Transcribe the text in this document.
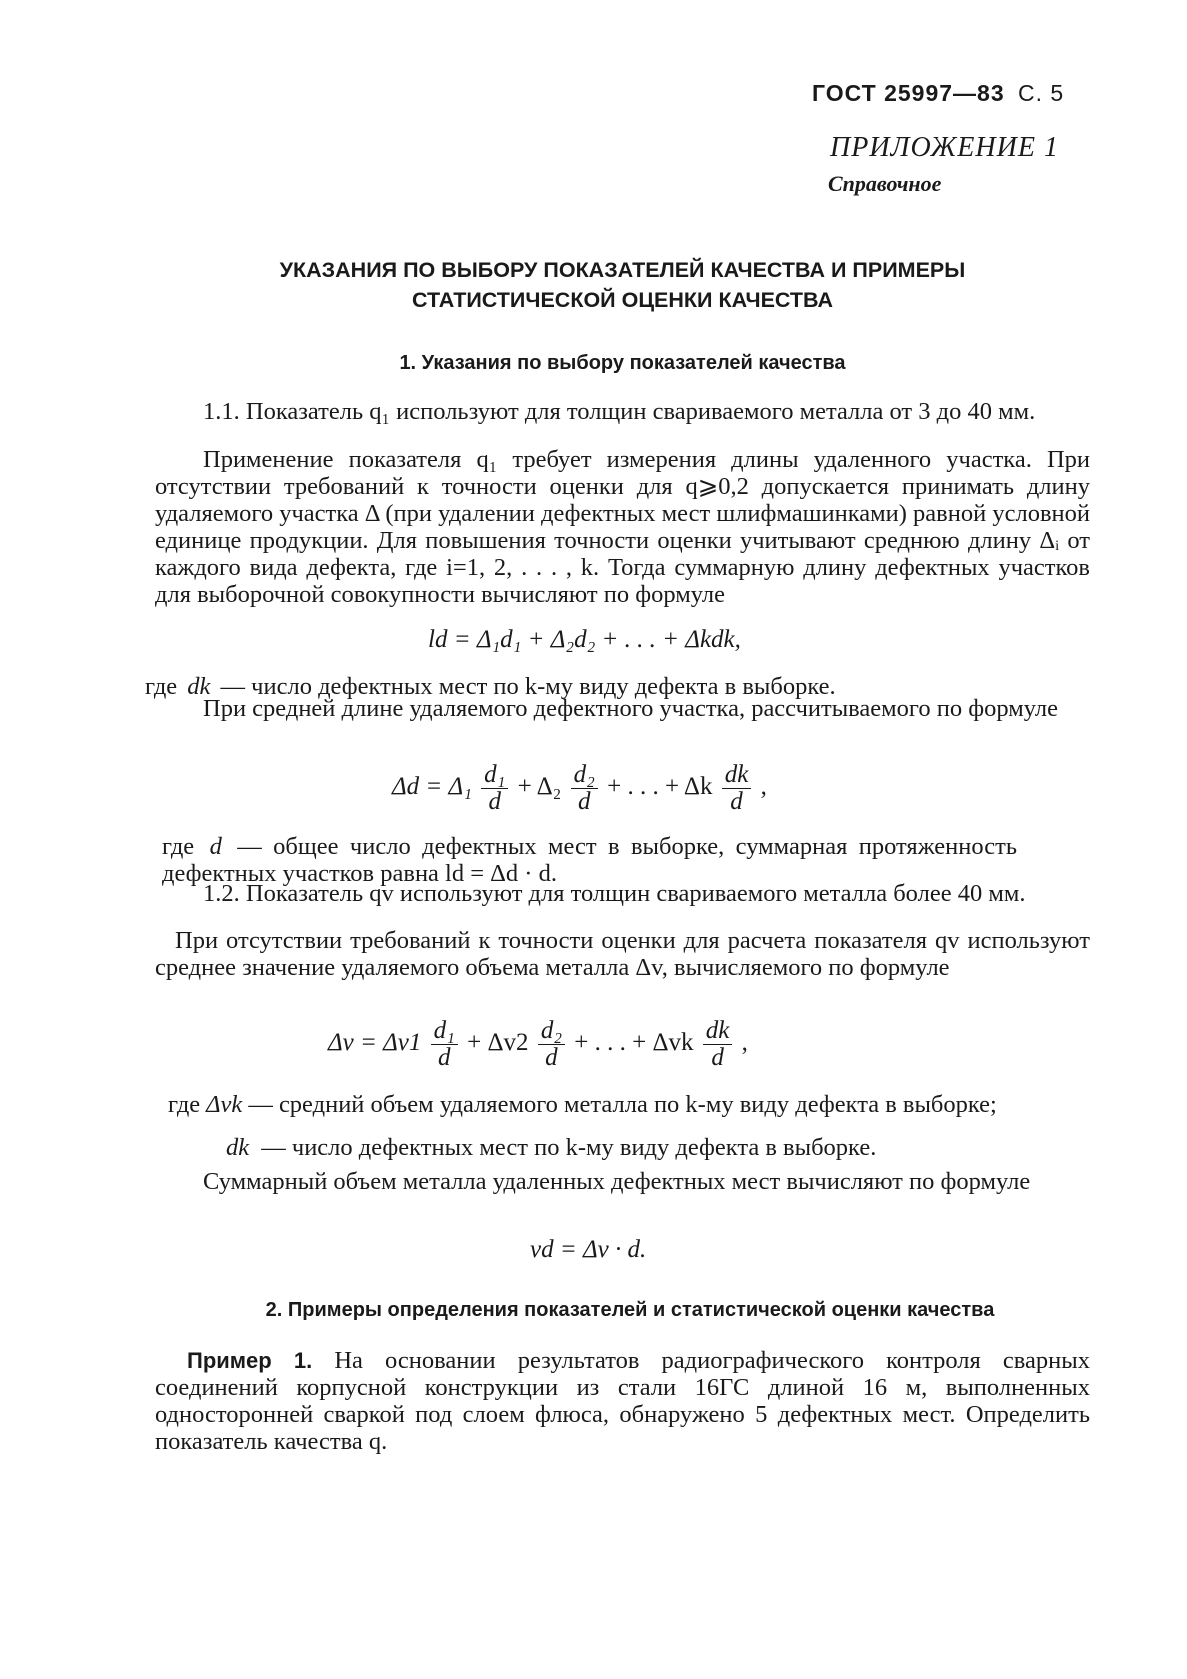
ГОСТ 25997—83 С. 5
ПРИЛОЖЕНИЕ 1
Справочное
УКАЗАНИЯ ПО ВЫБОРУ ПОКАЗАТЕЛЕЙ КАЧЕСТВА И ПРИМЕРЫ
СТАТИСТИЧЕСКОЙ ОЦЕНКИ КАЧЕСТВА
1. Указания по выбору показателей качества
1.1. Показатель q₁ используют для толщин свариваемого металла от 3 до 40 мм.
Применение показателя q₁ требует измерения длины удаленного участка. При отсутствии требований к точности оценки для q⩾0,2 допускается принимать длину удаляемого участка Δ (при удалении дефектных мест шлифмашинками) равной условной единице продукции. Для повышения точности оценки учитывают среднюю длину Δᵢ от каждого вида дефекта, где i=1, 2, . . . , k. Тогда суммарную длину дефектных участков для выборочной совокупности вычисляют по формуле
ld = Δ₁d₁ + Δ₂d₂ + . . . + Δkdk,
где dk — число дефектных мест по k-му виду дефекта в выборке.
При средней длине удаляемого дефектного участка, рассчитываемого по формуле
$\Delta d = \Delta_1 \frac{\text{d₁}}{d} + \Delta_2 \frac{\text{d₂}}{d}$ + . . . + Δk $\frac{dk}{d}$ ,
где d — общее число дефектных мест в выборке, суммарная протяженность дефектных участков равна ld = Δd · d.
1.2. Показатель qv используют для толщин свариваемого металла более 40 мм.
При отсутствии требований к точности оценки для расчета показателя qv используют среднее значение удаляемого объема металла Δv, вычисляемого по формуле
$\Delta v = \Delta v1 \frac{\text{d₁}}{d} + \Delta v2 \frac{\text{d₂}}{d}$ + . . . + Δvk $\frac{dk}{d}$ ,
где Δvk — средний объем удаляемого металла по k-му виду дефекта в выборке;
dk — число дефектных мест по k-му виду дефекта в выборке.
Суммарный объем металла удаленных дефектных мест вычисляют по формуле
vd = Δv · d.
2. Примеры определения показателей и статистической оценки качества
Пример 1. На основании результатов радиографического контроля сварных соединений корпусной конструкции из стали 16ГС длиной 16 м, выполненных односторонней сваркой под слоем флюса, обнаружено 5 дефектных мест. Определить показатель качества q.
